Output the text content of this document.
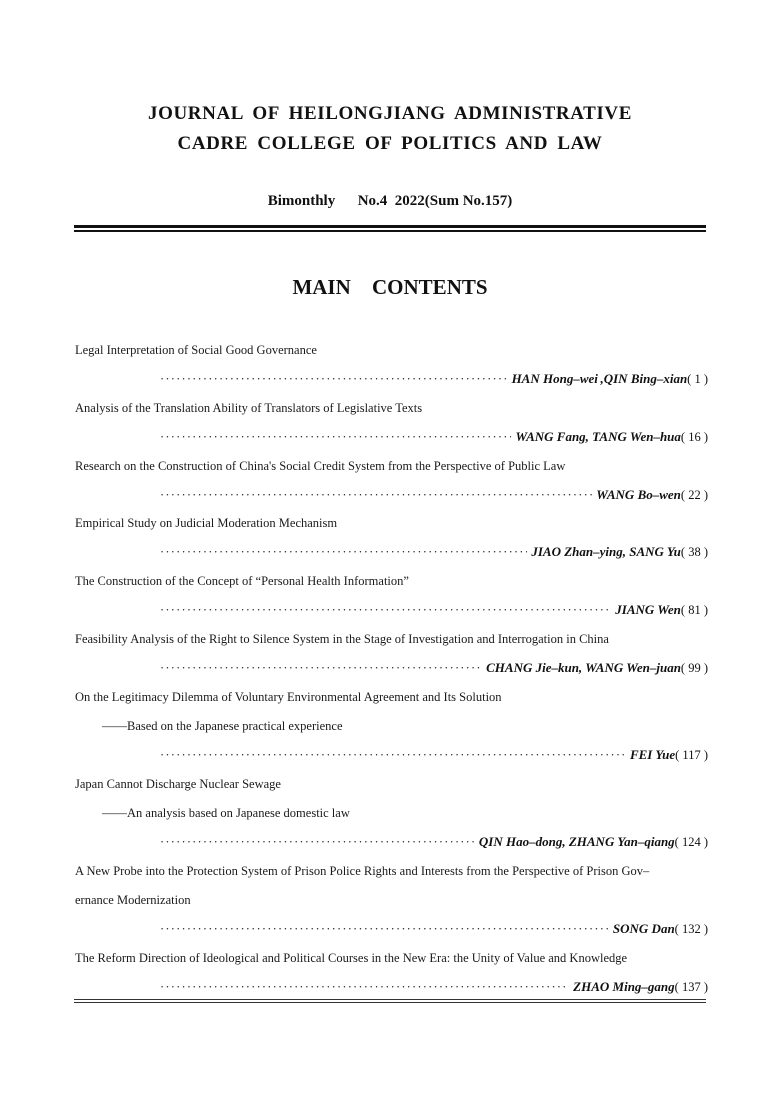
JOURNAL OF HEILONGJIANG ADMINISTRATIVE
CADRE COLLEGE OF POLITICS AND LAW
Bimonthly No.4  2022(Sum No.157)
MAIN CONTENTS
Legal Interpretation of Social Good Governance
·····
HAN Hong–wei ,QIN Bing–xian ( 1 )
Analysis of the Translation Ability of Translators of Legislative Texts
·····
WANG Fang, TANG Wen–hua ( 16 )
Research on the Construction of China's Social Credit System from the Perspective of Public Law
·····
WANG Bo–wen ( 22 )
Empirical Study on Judicial Moderation Mechanism
·····
JIAO Zhan–ying, SANG Yu ( 38 )
The Construction of the Concept of “Personal Health Information”
·····
JIANG Wen ( 81 )
Feasibility Analysis of the Right to Silence System in the Stage of Investigation and Interrogation in China
·····
CHANG Jie–kun, WANG Wen–juan ( 99 )
On the Legitimacy Dilemma of Voluntary Environmental Agreement and Its Solution
——Based on the Japanese practical experience
·····
FEI Yue ( 117 )
Japan Cannot Discharge Nuclear Sewage
——An analysis based on Japanese domestic law
·····
QIN Hao–dong, ZHANG Yan–qiang ( 124 )
A New Probe into the Protection System of Prison Police Rights and Interests from the Perspective of Prison Gov–
ernance Modernization
·····
SONG Dan ( 132 )
The Reform Direction of Ideological and Political Courses in the New Era: the Unity of Value and Knowledge
·····
ZHAO Ming–gang ( 137 )
